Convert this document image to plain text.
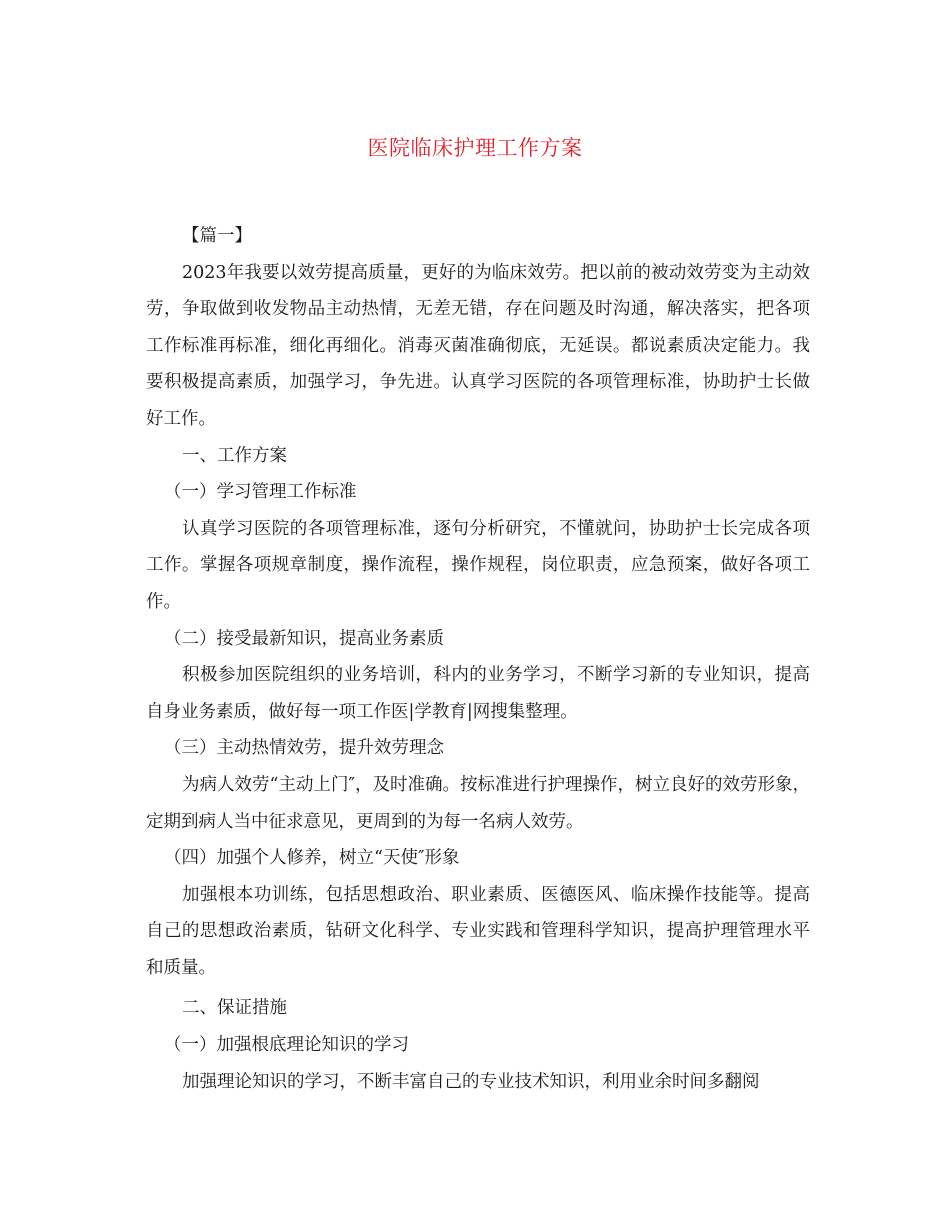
医院临床护理工作方案

【篇一】

2023年我要以效劳提高质量，更好的为临床效劳。把以前的被动效劳变为主动效劳，争取做到收发物品主动热情，无差无错，存在问题及时沟通，解决落实，把各项工作标准再标准，细化再细化。消毒灭菌准确彻底，无延误。都说素质决定能力。我要积极提高素质，加强学习，争先进。认真学习医院的各项管理标准，协助护士长做好工作。

一、工作方案

（一）学习管理工作标准

认真学习医院的各项管理标准，逐句分析研究，不懂就问，协助护士长完成各项工作。掌握各项规章制度，操作流程，操作规程，岗位职责，应急预案，做好各项工作。

（二）接受最新知识，提高业务素质

积极参加医院组织的业务培训，科内的业务学习，不断学习新的专业知识，提高自身业务素质，做好每一项工作医|学教育|网搜集整理。

（三）主动热情效劳，提升效劳理念

为病人效劳“主动上门″，及时准确。按标准进行护理操作，树立良好的效劳形象，定期到病人当中征求意见，更周到的为每一名病人效劳。

（四）加强个人修养，树立“天使″形象

加强根本功训练，包括思想政治、职业素质、医德医风、临床操作技能等。提高自己的思想政治素质，钻研文化科学、专业实践和管理科学知识，提高护理管理水平和质量。

二、保证措施

（一）加强根底理论知识的学习

加强理论知识的学习，不断丰富自己的专业技术知识，利用业余时间多翻阅
